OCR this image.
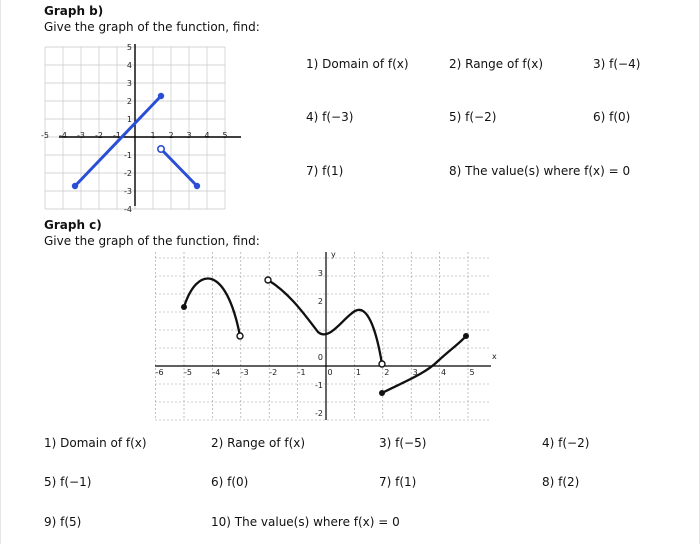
Graph b)
Give the graph of the function, find:
-5 -4 -3 -2 -1	1 2 3 4 5
5
4
3
2
1
-1
-2
-3
-4
1) Domain of f(x)	2) Range of f(x)	3) f(−4)
4) f(−3)	5) f(−2)	6) f(0)
7) f(1)	8) The value(s) where f(x) = 0
Graph c)
Give the graph of the function, find:
x
y
-6	-5	-4	-3	-2	-1	0	1	2	3	4	5
3
2
0
-1
-2
1) Domain of f(x)	2) Range of f(x)	3) f(−5)	4) f(−2)
5) f(−1)	6) f(0)	7) f(1)	8) f(2)
9) f(5)	10) The value(s) where f(x) = 0
